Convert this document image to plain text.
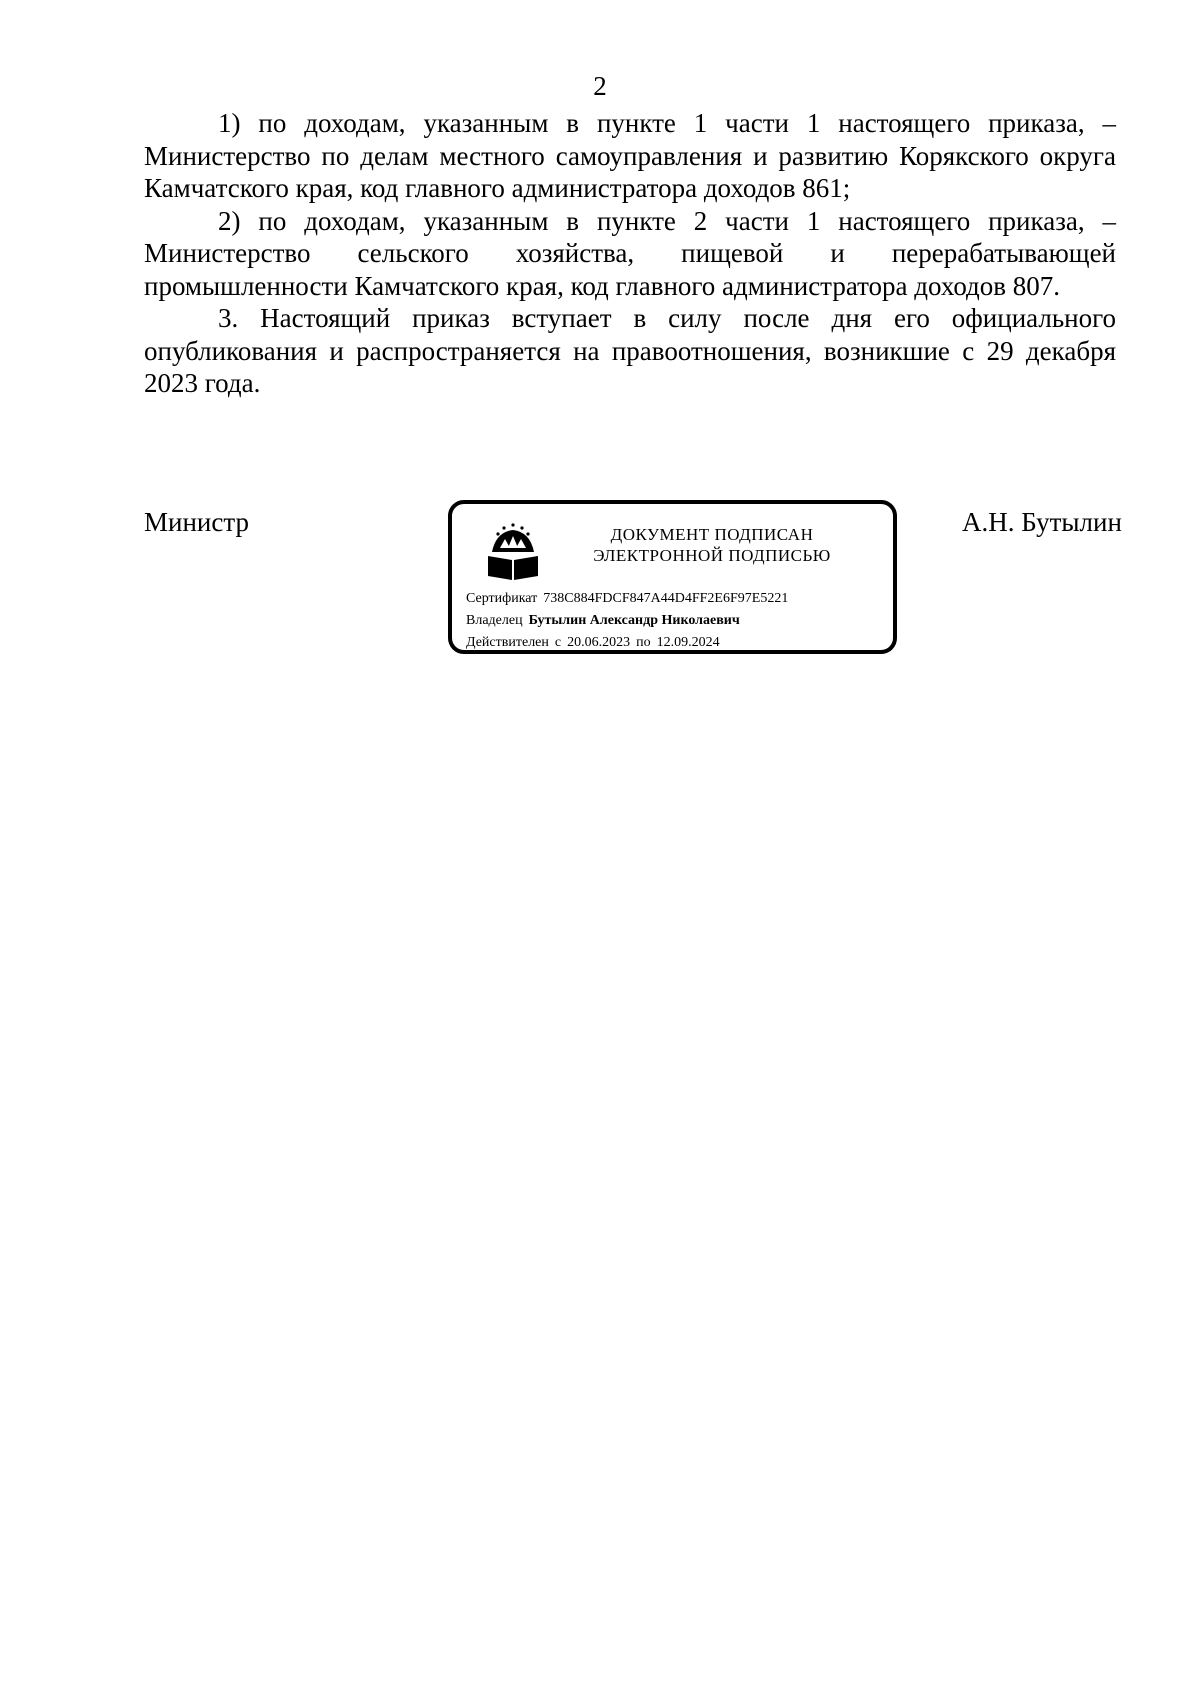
2

1) по доходам, указанным в пункте 1 части 1 настоящего приказа, – Министерство по делам местного самоуправления и развитию Корякского округа Камчатского края, код главного администратора доходов 861;

2) по доходам, указанным в пункте 2 части 1 настоящего приказа, – Министерство сельского хозяйства, пищевой и перерабатывающей промышленности Камчатского края, код главного администратора доходов 807.

3. Настоящий приказ вступает в силу после дня его официального опубликования и распространяется на правоотношения, возникшие с 29 декабря 2023 года.

Министр	ДОКУМЕНТ ПОДПИСАН
ЭЛЕКТРОННОЙ ПОДПИСЬЮ
Сертификат 738C884FDCF847A44D4FF2E6F97E5221
Владелец Бутылин Александр Николаевич
Действителен с 20.06.2023 по 12.09.2024
А.Н. Бутылин
